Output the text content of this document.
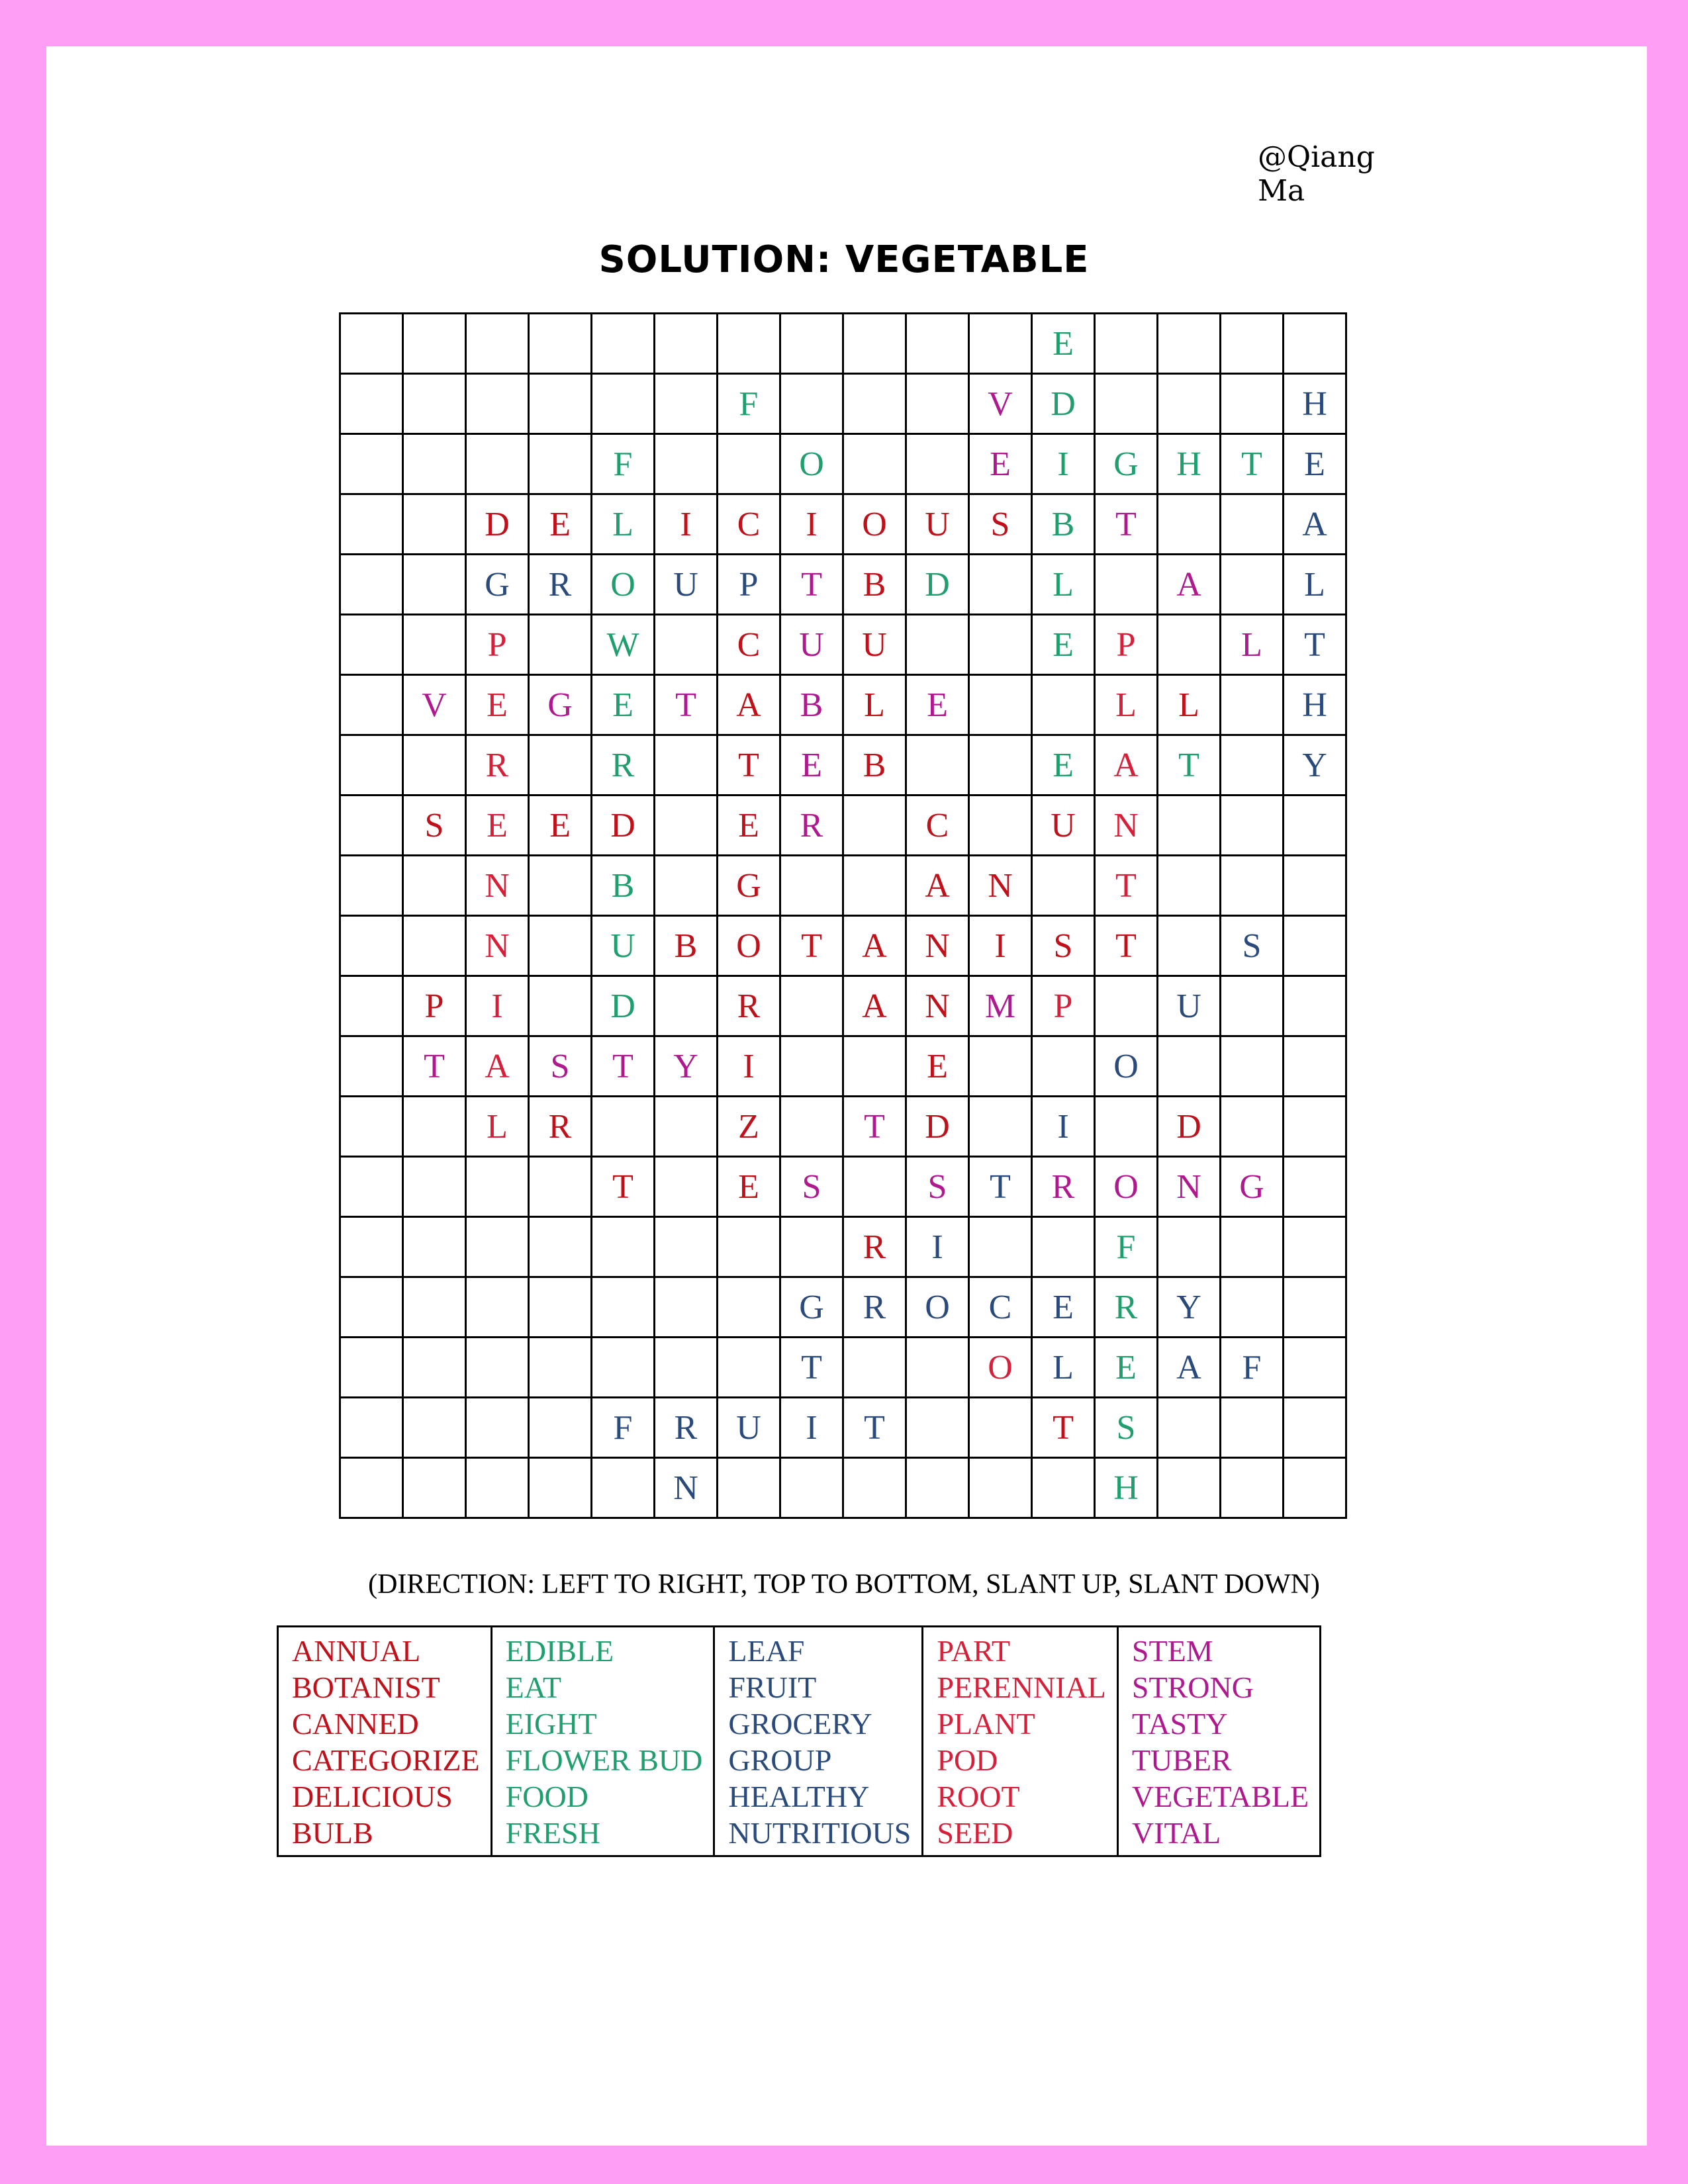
@Qiang Ma
SOLUTION: VEGETABLE
											E				
						F				V	D				H
				F			O			E	I	G	H	T	E
		D	E	L	I	C	I	O	U	S	B	T			A
		G	R	O	U	P	T	B	D		L		A		L
		P		W		C	U	U			E	P		L	T
	V	E	G	E	T	A	B	L	E			L	L		H
		R		R		T	E	B			E	A	T		Y
	S	E	E	D		E	R		C		U	N			
		N		B		G			A	N		T			
		N		U	B	O	T	A	N	I	S	T		S	
	P	I		D		R		A	N	M	P		U		
	T	A	S	T	Y	I			E			O			
		L	R			Z		T	D		I		D		
				T		E	S		S	T	R	O	N	G	
								R	I			F			
							G	R	O	C	E	R	Y		
							T			O	L	E	A	F	
				F	R	U	I	T			T	S			
					N							H			
(DIRECTION: LEFT TO RIGHT, TOP TO BOTTOM, SLANT UP, SLANT DOWN)
ANNUAL
BOTANIST
CANNED
CATEGORIZE
DELICIOUS
BULB

EDIBLE
EAT
EIGHT
FLOWER BUD
FOOD
FRESH

LEAF
FRUIT
GROCERY
GROUP
HEALTHY
NUTRITIOUS

PART
PERENNIAL
PLANT
POD
ROOT
SEED

STEM
STRONG
TASTY
TUBER
VEGETABLE
VITAL
